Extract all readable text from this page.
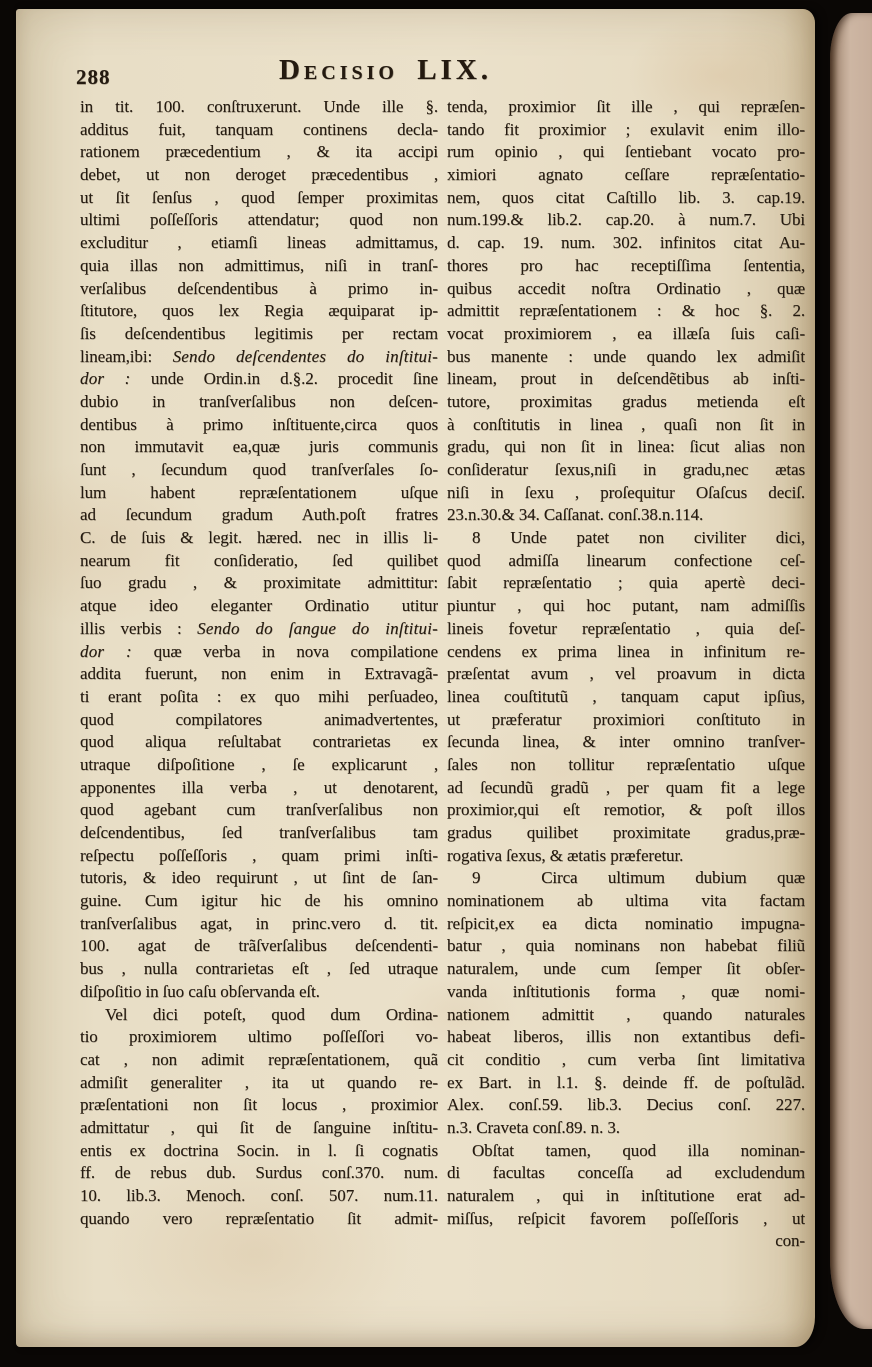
288	Decisio LIX.
in tit. 100. conſtruxerunt. Unde ille §.
additus fuit, tanquam continens decla-
rationem præcedentium , & ita accipi
debet, ut non deroget præcedentibus ,
ut ſit ſenſus , quod ſemper proximitas
ultimi poſſeſſoris attendatur; quod non
excluditur , etiamſi lineas admittamus,
quia illas non admittimus, niſi in tranſ-
verſalibus deſcendentibus à primo in-
ſtitutore, quos lex Regia æquiparat ip-
ſis deſcendentibus legitimis per rectam
lineam,ibi: Sendo deſcendentes do inſtitui-
dor : unde Ordin.in d.§.2. procedit ſine
dubio in tranſverſalibus non deſcen-
dentibus à primo inſtituente,circa quos
non immutavit ea,quæ juris communis
ſunt , ſecundum quod tranſverſales ſo-
lum habent repræſentationem uſque
ad ſecundum gradum Auth.poſt fratres
C. de ſuis & legit. hæred. nec in illis li-
nearum fit conſideratio, ſed quilibet
ſuo gradu , & proximitate admittitur:
atque ideo eleganter Ordinatio utitur
illis verbis : Sendo do ſangue do inſtitui-
dor : quæ verba in nova compilatione
addita fuerunt, non enim in Extravagã-
ti erant poſita : ex quo mihi perſuadeo,
quod compilatores animadvertentes,
quod aliqua reſultabat contrarietas ex
utraque diſpoſitione , ſe explicarunt ,
apponentes illa verba , ut denotarent,
quod agebant cum tranſverſalibus non
deſcendentibus, ſed tranſverſalibus tam
reſpectu poſſeſſoris , quam primi inſti-
tutoris, & ideo requirunt , ut ſint de ſan-
guine. Cum igitur hic de his omnino
tranſverſalibus agat, in princ.vero d. tit.
100. agat de trãſverſalibus deſcendenti-
bus , nulla contrarietas eſt , ſed utraque
diſpoſitio in ſuo caſu obſervanda eſt.
Vel dici poteſt, quod dum Ordina-
tio proximiorem ultimo poſſeſſori vo-
cat , non adimit repræſentationem, quã
admiſit generaliter , ita ut quando re-
præſentationi non ſit locus , proximior
admittatur , qui ſit de ſanguine inſtitu-
entis ex doctrina Socin. in l. ſi cognatis
ff. de rebus dub. Surdus conſ.370. num.
10. lib.3. Menoch. conſ. 507. num.11.
quando vero repræſentatio ſit admit-
tenda, proximior ſit ille , qui repræſen-
tando fit proximior ; exulavit enim illo-
rum opinio , qui ſentiebant vocato pro-
ximiori agnato ceſſare repræſentatio-
nem, quos citat Caſtillo lib. 3. cap.19.
num.199.& lib.2. cap.20. à num.7. Ubi
d. cap. 19. num. 302. infinitos citat Au-
thores pro hac receptiſſima ſententia,
quibus accedit noſtra Ordinatio , quæ
admittit repræſentationem : & hoc §. 2.
vocat proximiorem , ea illæſa ſuis caſi-
bus manente : unde quando lex admiſit
lineam, prout in deſcendẽtibus ab inſti-
tutore, proximitas gradus metienda eſt
à conſtitutis in linea , quaſi non ſit in
gradu, qui non ſit in linea: ſicut alias non
conſideratur ſexus,niſi in gradu,nec ætas
niſi in ſexu , proſequitur Oſaſcus deciſ.
23.n.30.& 34. Caſſanat. conſ.38.n.114.
8 Unde patet non civiliter dici,
quod admiſſa linearum confectione ceſ-
ſabit repræſentatio ; quia apertè deci-
piuntur , qui hoc putant, nam admiſſis
lineis fovetur repræſentatio , quia deſ-
cendens ex prima linea in infinitum re-
præſentat avum , vel proavum in dicta
linea couſtitutũ , tanquam caput ipſius,
ut præferatur proximiori conſtituto in
ſecunda linea, & inter omnino tranſver-
ſales non tollitur repræſentatio uſque
ad ſecundũ gradũ , per quam fit a lege
proximior,qui eſt remotior, & poſt illos
gradus quilibet proximitate gradus,præ-
rogativa ſexus, & ætatis præferetur.
9  Circa ultimum dubium quæ
nominationem ab ultima vita factam
reſpicit,ex ea dicta nominatio impugna-
batur , quia nominans non habebat filiũ
naturalem, unde cum ſemper ſit obſer-
vanda inſtitutionis forma , quæ nomi-
nationem admittit , quando naturales
habeat liberos, illis non extantibus defi-
cit conditio , cum verba ſint limitativa
ex Bart. in l.1. §. deinde ff. de poſtulãd.
Alex. conſ.59. lib.3. Decius conſ. 227.
n.3. Craveta conſ.89. n. 3.
Obſtat tamen, quod illa nominan-
di facultas conceſſa ad excludendum
naturalem , qui in inſtitutione erat ad-
miſſus, reſpicit favorem poſſeſſoris , ut
con-
